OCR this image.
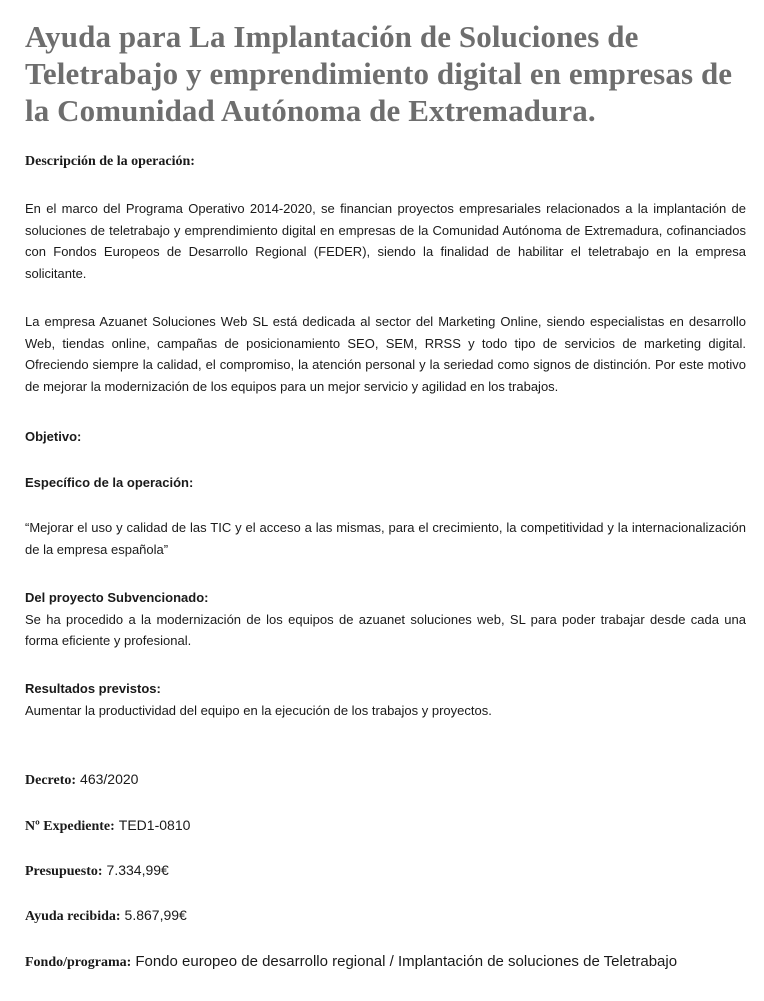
Ayuda para La Implantación de Soluciones de Teletrabajo y emprendimiento digital en empresas de la Comunidad Autónoma de Extremadura.
Descripción de la operación:

En el marco del Programa Operativo 2014-2020, se financian proyectos empresariales relacionados a la implantación de soluciones de teletrabajo y emprendimiento digital en empresas de la Comunidad Autónoma de Extremadura, cofinanciados con Fondos Europeos de Desarrollo Regional (FEDER), siendo la finalidad de habilitar el teletrabajo en la empresa solicitante.

La empresa Azuanet Soluciones Web SL está dedicada al sector del Marketing Online, siendo especialistas en desarrollo Web, tiendas online, campañas de posicionamiento SEO, SEM, RRSS y todo tipo de servicios de marketing digital. Ofreciendo siempre la calidad, el compromiso, la atención personal y la seriedad como signos de distinción. Por este motivo de mejorar la modernización de los equipos para un mejor servicio y agilidad en los trabajos.

Objetivo:
Específico de la operación:

“Mejorar el uso y calidad de las TIC y el acceso a las mismas, para el crecimiento, la competitividad y la internacionalización de la empresa española”

Del proyecto Subvencionado:

Se ha procedido a la modernización de los equipos de azuanet soluciones web, SL para poder trabajar desde cada una forma eficiente y profesional.

Resultados previstos:

Aumentar la productividad del equipo en la ejecución de los trabajos y proyectos.

Decreto: 463/2020
Nº Expediente: TED1-0810
Presupuesto: 7.334,99€
Ayuda recibida: 5.867,99€
Fondo/programa: Fondo europeo de desarrollo regional / Implantación de soluciones de Teletrabajo
